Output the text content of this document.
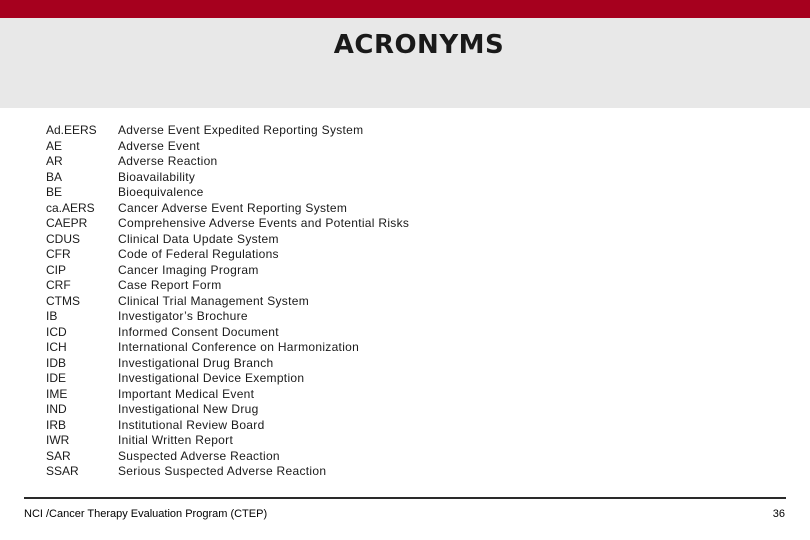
ACRONYMS
Ad.EERS Adverse Event Expedited Reporting System
AE	Adverse Event
AR	Adverse Reaction
BA	Bioavailability
BE	Bioequivalence
ca.AERS Cancer Adverse Event Reporting System
CAEPR	Comprehensive Adverse Events and Potential Risks
CDUS	Clinical Data Update System
CFR	Code of Federal Regulations
CIP	Cancer Imaging Program
CRF	Case Report Form
CTMS	Clinical Trial Management System
IB	Investigator’s Brochure
ICD	Informed Consent Document
ICH	International Conference on Harmonization
IDB	Investigational Drug Branch
IDE	Investigational Device Exemption
IME	Important Medical Event
IND	Investigational New Drug
IRB	Institutional Review Board
IWR	Initial Written Report
SAR	Suspected Adverse Reaction
SSAR	Serious Suspected Adverse Reaction
NCI /Cancer Therapy Evaluation Program (CTEP)	36
